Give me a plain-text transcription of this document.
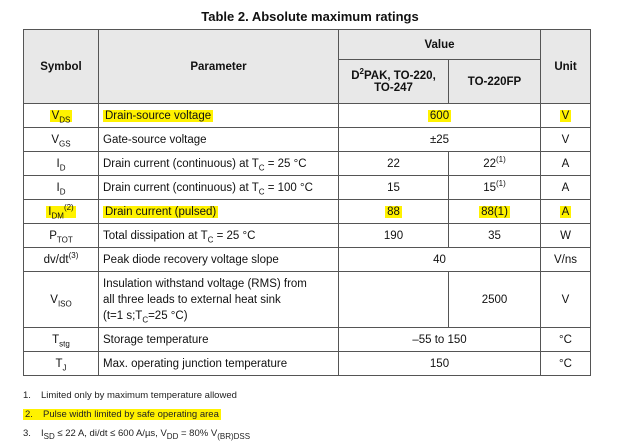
Table 2. Absolute maximum ratings
Symbol	Parameter	Value		Unit
		$D^2PAK$, TO-220,
TO-247	TO-220FP	
$V_{DS}$	Drain-source voltage	600		V
$V_{GS}$	Gate-source voltage	±25		V
$I_D$	Drain current (continuous) at $T_C = 25$ °C	22	22$^{(1)}$	A
$I_D$	Drain current (continuous) at $T_C = 100$ °C	15	15$^{(1)}$	A
$I_{DM}^{(2)}$	Drain current (pulsed)	88	88(1)	A
$P_{TOT}$	Total dissipation at $T_C = 25$ °C	190	35	W
$dv/dt^{(3)}$	Peak diode recovery voltage slope	40		V/ns
$V_{ISO}$	Insulation withstand voltage (RMS) from
all three leads to external heat sink
(t=1 $s;T_C=25$ °C)		2500	V
$T_{stg}$	Storage temperature	–55 to 150		°C
$T_J$	Max. operating junction temperature	150		°C
1. Limited only by maximum temperature allowed
2. Pulse width limited by safe operating area
3. $I_{SD} \le 22$ A, di/dt ≤ 600 A/µs, $V_{DD} = 80\%$ $V_{(BR)DSS}$
